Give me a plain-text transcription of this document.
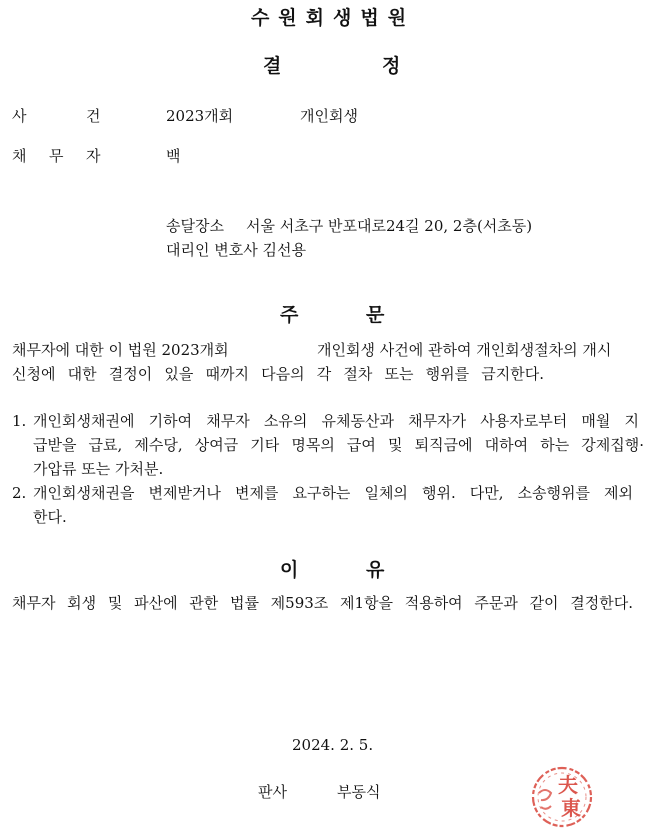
수원회생법원
결	정
사	건	2023개회	개인회생
채 무 자	백
송달장소 서울 서초구 반포대로24길 20, 2층(서초동)
대리인 변호사 김선용
주	문
채무자에 대한 이 법원 2023개회	개인회생 사건에 관하여 개인회생절차의 개시
신청에 대한 결정이 있을 때까지 다음의 각 절차 또는 행위를 금지한다.
1. 개인회생채권에 기하여 채무자 소유의 유체동산과 채무자가 사용자로부터 매월 지
급받을 급료, 제수당, 상여금 기타 명목의 급여 및 퇴직금에 대하여 하는 강제집행·
가압류 또는 가처분.
2. 개인회생채권을 변제받거나 변제를 요구하는 일체의 행위. 다만, 소송행위를 제외
한다.
이	유
채무자 회생 및 파산에 관한 법률 제593조 제1항을 적용하여 주문과 같이 결정한다.
2024. 2. 5.
판사	부동식	夫
東
